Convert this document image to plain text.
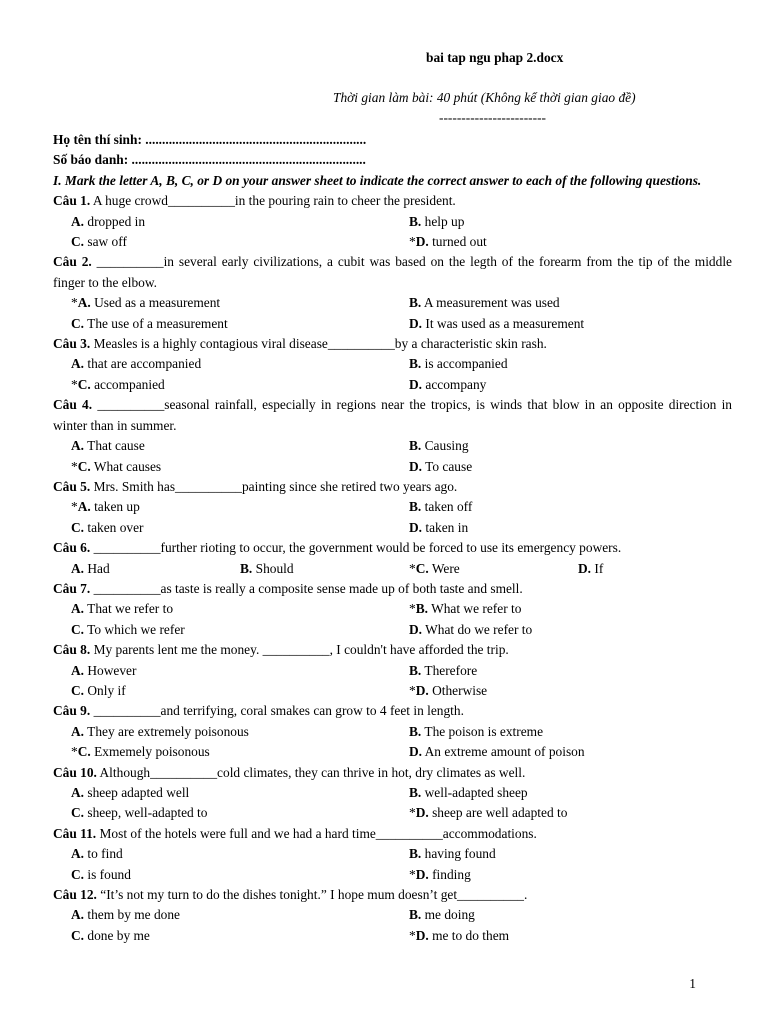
bai tap ngu phap 2.docx
Thời gian làm bài: 40 phút (Không kể thời gian giao đề)
------------------------
Họ tên thí sinh: ..................................................................
Số báo danh: ......................................................................
I. Mark the letter A, B, C, or D on your answer sheet to indicate the correct answer to each of the following questions.
Câu 1. A huge crowd__________in the pouring rain to cheer the president.
A. dropped in	B. help up
C. saw off	*D. turned out
Câu 2. __________in several early civilizations, a cubit was based on the legth of the forearm from the tip of the middle finger to the elbow.
*A. Used as a measurement	B. A measurement was used
C. The use of a measurement	D. It was used as a measurement
Câu 3. Measles is a highly contagious viral disease__________by a characteristic skin rash.
A. that are accompanied	B. is accompanied
*C. accompanied	D. accompany
Câu 4. __________seasonal rainfall, especially in regions near the tropics, is winds that blow in an opposite direction in winter than in summer.
A. That cause	B. Causing
*C. What causes	D. To cause
Câu 5. Mrs. Smith has__________painting since she retired two years ago.
*A. taken up	B. taken off
C. taken over	D. taken in
Câu 6. __________further rioting to occur, the government would be forced to use its emergency powers.
A. Had	B. Should	*C. Were	D. If
Câu 7. __________as taste is really a composite sense made up of both taste and smell.
A. That we refer to	*B. What we refer to
C. To which we refer	D. What do we refer to
Câu 8. My parents lent me the money. __________, I couldn't have afforded the trip.
A. However	B. Therefore
C. Only if	*D. Otherwise
Câu 9. __________and terrifying, coral smakes can grow to 4 feet in length.
A. They are extremely poisonous	B. The poison is extreme
*C. Exmemely poisonous	D. An extreme amount of poison
Câu 10. Although__________cold climates, they can thrive in hot, dry climates as well.
A. sheep adapted well	B. well-adapted sheep
C. sheep, well-adapted to	*D. sheep are well adapted to
Câu 11. Most of the hotels were full and we had a hard time__________accommodations.
A. to find	B. having found
C. is found	*D. finding
Câu 12. “It’s not my turn to do the dishes tonight.” I hope mum doesn’t get__________.
A. them by me done	B. me doing
C. done by me	*D. me to do them
1
